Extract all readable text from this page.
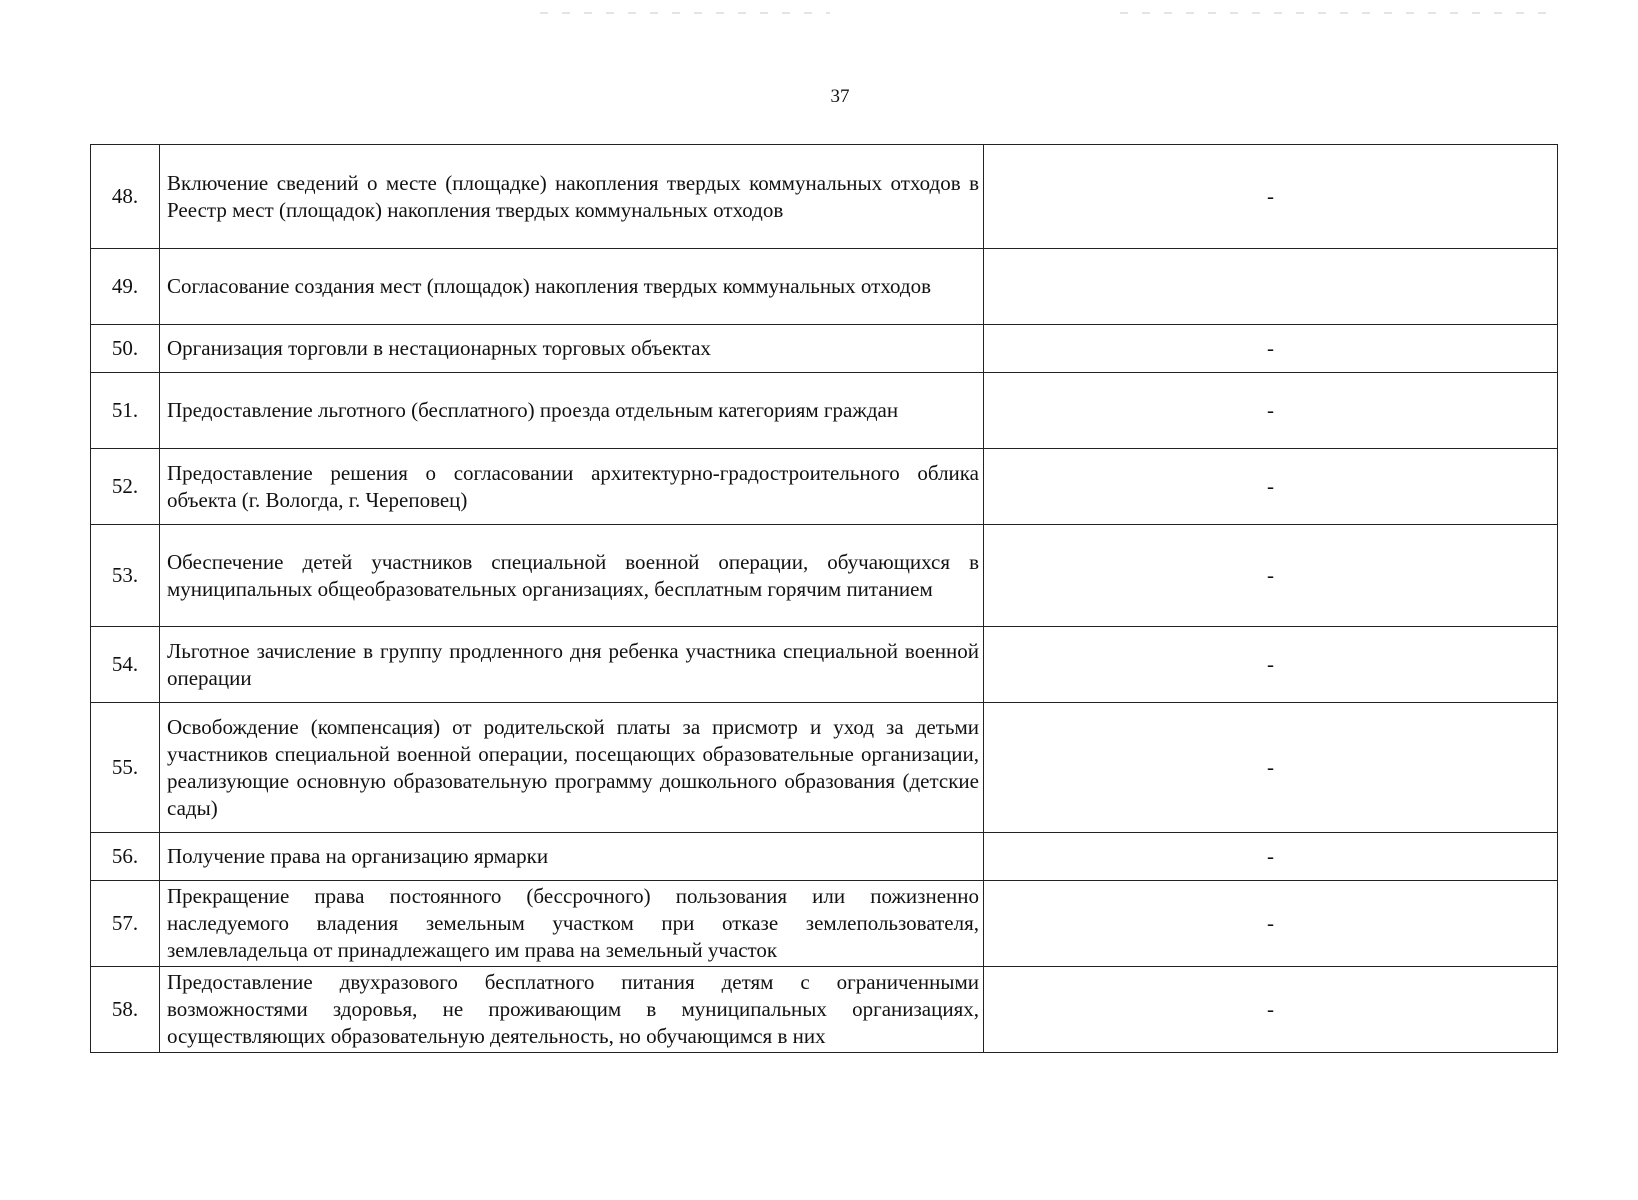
37
48.	Включение сведений о месте (площадке) накопления твердых коммунальных отходов в Реестр мест (площадок) накопления твердых коммунальных отходов	-
49.	Согласование создания мест (площадок) накопления твердых коммунальных отходов	
50.	Организация торговли в нестационарных торговых объектах	-
51.	Предоставление льготного (бесплатного) проезда отдельным категориям граждан	-
52.	Предоставление решения о согласовании архитектурно-градостроительного облика объекта (г. Вологда, г. Череповец)	-
53.	Обеспечение детей участников специальной военной операции, обучающихся в муниципальных общеобразовательных организациях, бесплатным горячим питанием	-
54.	Льготное зачисление в группу продленного дня ребенка участника специальной военной операции	-
55.	Освобождение (компенсация) от родительской платы за присмотр и уход за детьми участников специальной военной операции, посещающих образовательные организации, реализующие основную образовательную программу дошкольного образования (детские сады)	-
56.	Получение права на организацию ярмарки	-
57.	Прекращение права постоянного (бессрочного) пользования или пожизненно наследуемого владения земельным участком при отказе землепользователя, землевладельца от принадлежащего им права на земельный участок	-
58.	Предоставление двухразового бесплатного питания детям с ограниченными возможностями здоровья, не проживающим в муниципальных организациях, осуществляющих образовательную деятельность, но обучающимся в них	-
